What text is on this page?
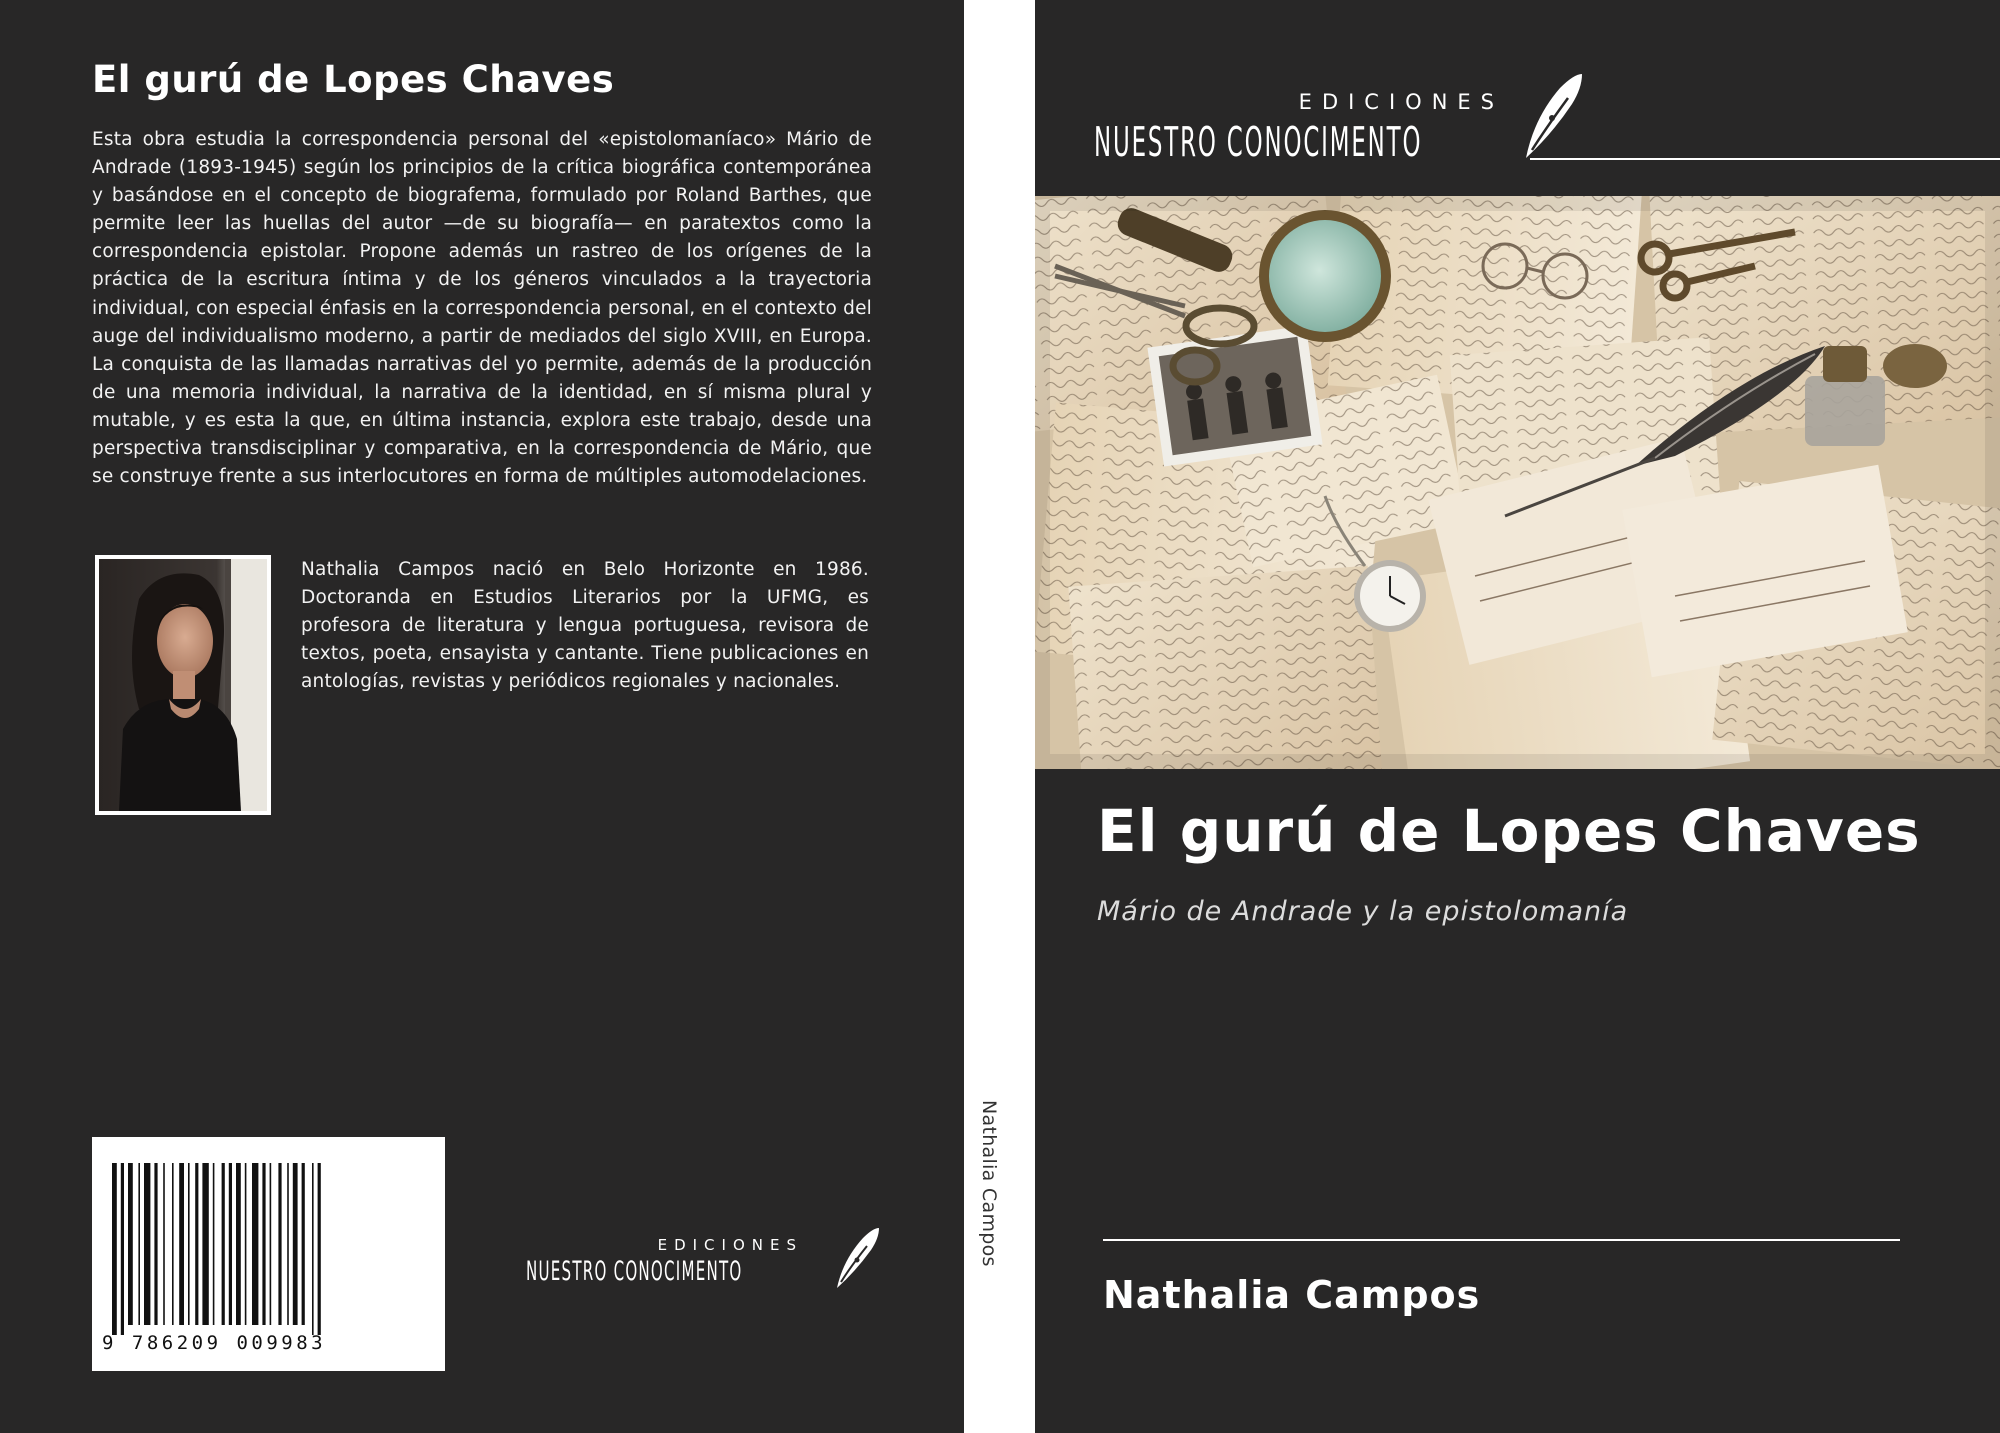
El gurú de Lopes Chaves

Esta obra estudia la correspondencia personal del «epistolomaníaco» Mário de Andrade (1893-1945) según los principios de la crítica biográfica contemporánea y basándose en el concepto de biografema, formulado por Roland Barthes, que permite leer las huellas del autor —de su biografía— en paratextos como la correspondencia epistolar. Propone además un rastreo de los orígenes de la práctica de la escritura íntima y de los géneros vinculados a la trayectoria individual, con especial énfasis en la correspondencia personal, en el contexto del auge del individualismo moderno, a partir de mediados del siglo XVIII, en Europa. La conquista de las llamadas narrativas del yo permite, además de la producción de una memoria individual, la narrativa de la identidad, en sí misma plural y mutable, y es esta la que, en última instancia, explora este trabajo, desde una perspectiva transdisciplinar y comparativa, en la correspondencia de Mário, que se construye frente a sus interlocutores en forma de múltiples automodelaciones.

Nathalia Campos nació en Belo Horizonte en 1986. Doctoranda en Estudios Literarios por la UFMG, es profesora de literatura y lengua portuguesa, revisora de textos, poeta, ensayista y cantante. Tiene publicaciones en antologías, revistas y periódicos regionales y nacionales.

9 786209 009983
EDICIONES
NUESTRO CONOCIMENTO

Nathalia Campos

EDICIONES
NUESTRO CONOCIMENTO
El gurú de Lopes Chaves
Mário de Andrade y la epistolomanía
Nathalia Campos
